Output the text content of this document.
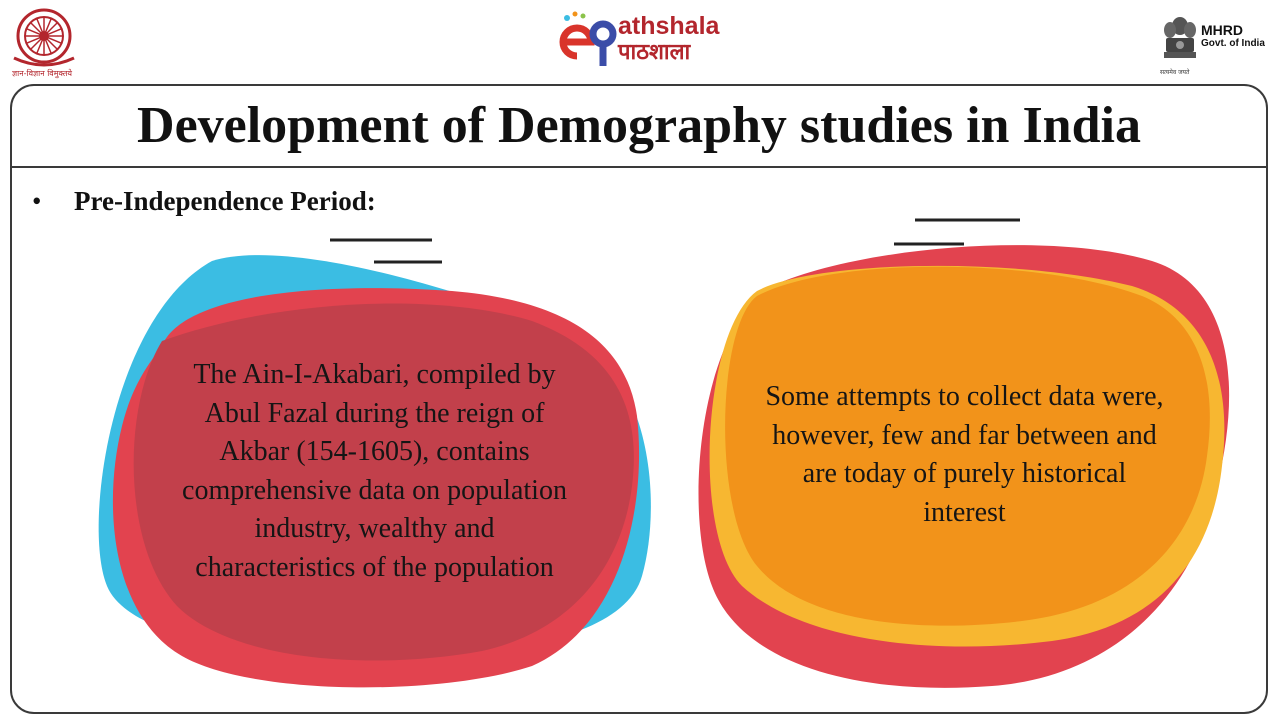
ज्ञान-विज्ञान विमुक्तये
athshala
पाठशाला
सत्यमेव जयते
MHRD
Govt. of India
Development of Demography studies in India
• Pre-Independence Period:
The Ain-I-Akabari, compiled by Abul Fazal during the reign of Akbar (154-1605), contains comprehensive data on population industry, wealthy and characteristics of the population
Some attempts to collect data were, however, few and far between and are today of purely historical interest
